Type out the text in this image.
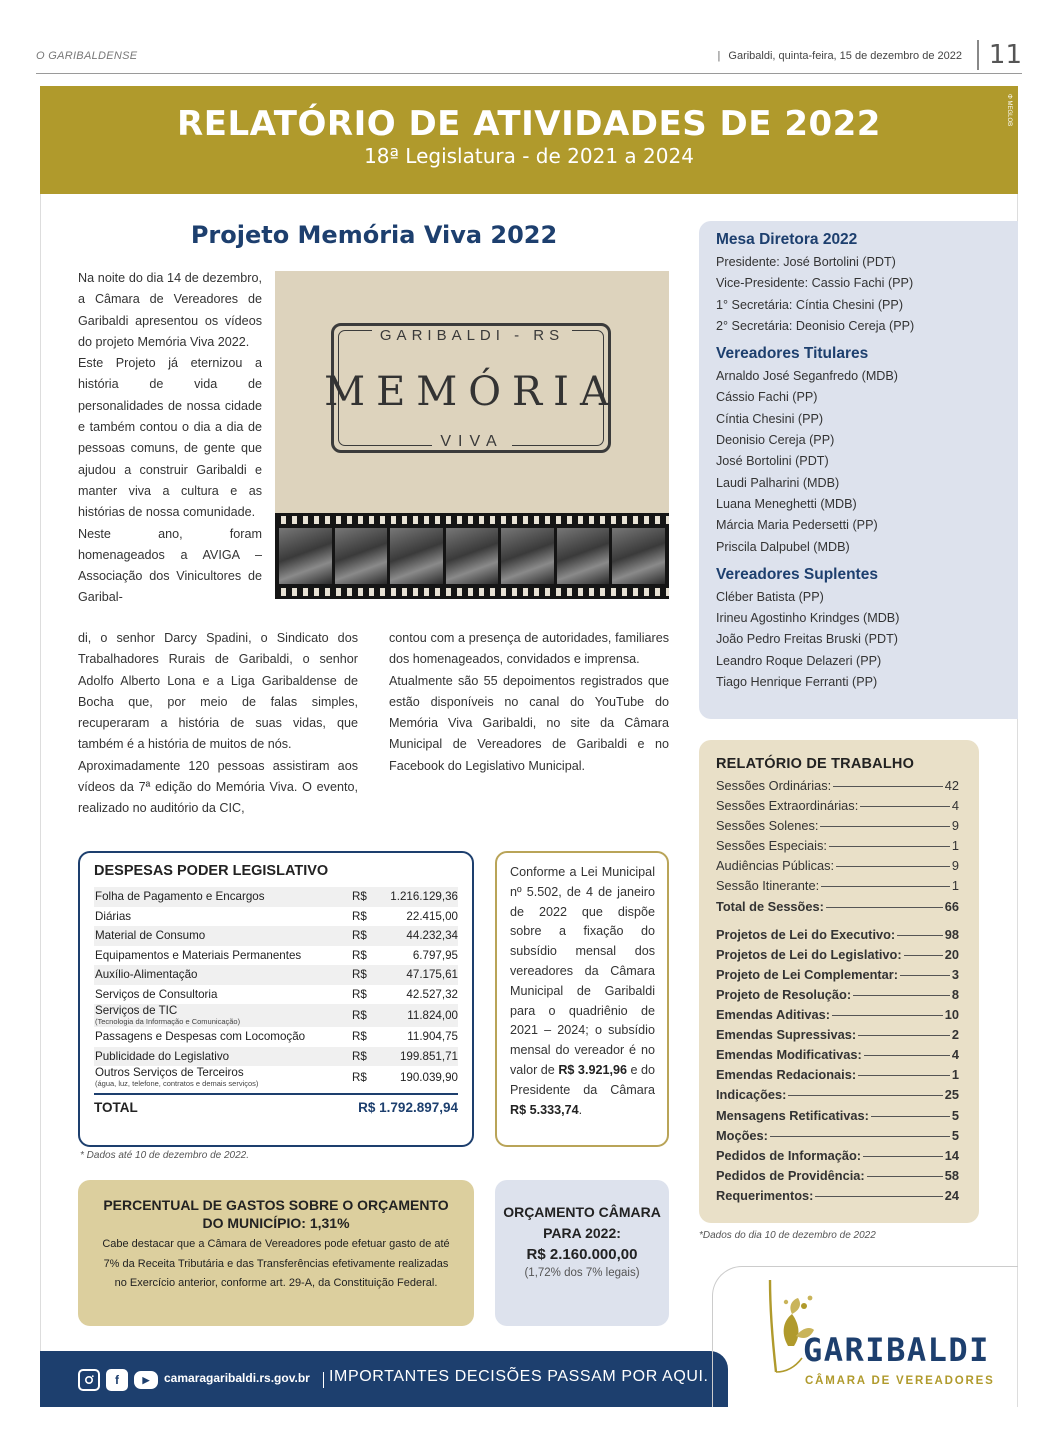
O GARIBALDENSE	| Garibaldi, quinta-feira, 15 de dezembro de 2022	11
RELATÓRIO DE ATIVIDADES DE 2022
18ª Legislatura - de 2021 a 2024
Φ MEGLOB
Projeto Memória Viva 2022

Na noite do dia 14 de dezembro, a Câmara de Vereadores de Garibaldi apresentou os vídeos do projeto Memória Viva 2022.

Este Projeto já eternizou a história de vida de personalidades de nossa cidade e também contou o dia a dia de pessoas comuns, de gente que ajudou a construir Garibaldi e manter viva a cultura e as histórias de nossa comunidade.

Neste ano, foram homenageados a AVIGA – Associação dos Vinicultores de Garibal-

GARIBALDI - RS
MEMÓRIA
VIVA

di, o senhor Darcy Spadini, o Sindicato dos Trabalhadores Rurais de Garibaldi, o senhor Adolfo Alberto Lona e a Liga Garibaldense de Bocha que, por meio de falas simples, recuperaram a história de suas vidas, que também é a história de muitos de nós.

Aproximadamente 120 pessoas assistiram aos vídeos da 7ª edição do Memória Viva. O evento, realizado no auditório da CIC,

contou com a presença de autoridades, familiares dos homenageados, convidados e imprensa.

Atualmente são 55 depoimentos registrados que estão disponíveis no canal do YouTube do Memória Viva Garibaldi, no site da Câmara Municipal de Vereadores de Garibaldi e no Facebook do Legislativo Municipal.

Mesa Diretora 2022
Presidente: José Bortolini (PDT)
Vice-Presidente: Cassio Fachi (PP)
1° Secretária: Cíntia Chesini (PP)
2° Secretária: Deonisio Cereja (PP)
Vereadores Titulares
Arnaldo José Seganfredo (MDB)
Cássio Fachi (PP)
Cíntia Chesini (PP)
Deonisio Cereja (PP)
José Bortolini (PDT)
Laudi Palharini (MDB)
Luana Meneghetti (MDB)
Márcia Maria Pedersetti (PP)
Priscila Dalpubel (MDB)
Vereadores Suplentes
Cléber Batista (PP)
Irineu Agostinho Krindges (MDB)
João Pedro Freitas Bruski (PDT)
Leandro Roque Delazeri (PP)
Tiago Henrique Ferranti (PP)
RELATÓRIO DE TRABALHO
Sessões Ordinárias:	42
Sessões Extraordinárias:	4
Sessões Solenes:	9
Sessões Especiais:	1
Audiências Públicas:	9
Sessão Itinerante:	1
Total de Sessões:	66
Projetos de Lei do Executivo:	98
Projetos de Lei do Legislativo:	20
Projeto de Lei Complementar:	3
Projeto de Resolução:	8
Emendas Aditivas:	10
Emendas Supressivas:	2
Emendas Modificativas:	4
Emendas Redacionais:	1
Indicações:	25
Mensagens Retificativas:	5
Moções:	5
Pedidos de Informação:	14
Pedidos de Providência:	58
Requerimentos:	24
*Dados do dia 10 de dezembro de 2022
DESPESAS PODER LEGISLATIVO
Folha de Pagamento e Encargos	R$	1.216.129,36
Diárias	R$	22.415,00
Material de Consumo	R$	44.232,34
Equipamentos e Materiais Permanentes	R$	6.797,95
Auxílio-Alimentação	R$	47.175,61
Serviços de Consultoria	R$	42.527,32
Serviços de TIC
(Tecnologia da Informação e Comunicação)	R$	11.824,00
Passagens e Despesas com Locomoção	R$	11.904,75
Publicidade do Legislativo	R$	199.851,71
Outros Serviços de Terceiros
(água, luz, telefone, contratos e demais serviços)	R$	190.039,90
TOTAL	R$ 1.792.897,94
* Dados até 10 de dezembro de 2022.
Conforme a Lei Municipal nº 5.502, de 4 de janeiro de 2022 que dispõe sobre a fixação do subsídio mensal dos vereadores da Câmara Municipal de Garibaldi para o quadriênio de 2021 – 2024; o subsídio mensal do vereador é no valor de R$ 3.921,96 e do Presidente da Câmara R$ 5.333,74.
PERCENTUAL DE GASTOS SOBRE O ORÇAMENTO DO MUNICÍPIO: 1,31%

Cabe destacar que a Câmara de Vereadores pode efetuar gasto de até 7% da Receita Tributária e das Transferências efetivamente realizadas no Exercício anterior, conforme art. 29-A, da Constituição Federal.

ORÇAMENTO CÂMARA PARA 2022:
R$ 2.160.000,00
(1,72% dos 7% legais)
f	▶	camaragaribaldi.rs.gov.br IMPORTANTES DECISÕES PASSAM POR AQUI.
GARIBALDI
CÂMARA DE VEREADORES
